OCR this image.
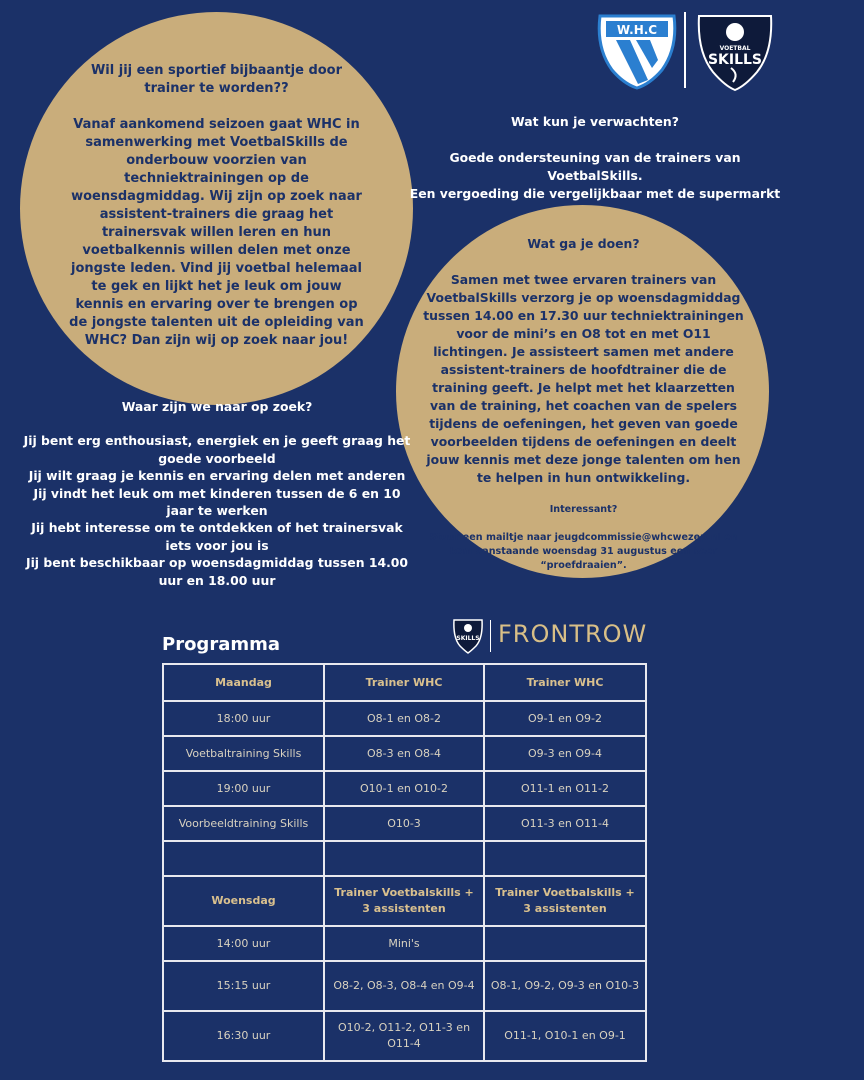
Wil jij een sportief bijbaantje door trainer te worden??

Vanaf aankomend seizoen gaat WHC in samenwerking met VoetbalSkills de onderbouw voorzien van techniektrainingen op de woensdagmiddag. Wij zijn op zoek naar assistent-trainers die graag het trainersvak willen leren en hun voetbalkennis willen delen met onze jongste leden. Vind jij voetbal helemaal te gek en lijkt het je leuk om jouw kennis en ervaring over te brengen op de jongste talenten uit de opleiding van WHC? Dan zijn wij op zoek naar jou!

W.H.C
VOETBAL
SKILLS

Wat kun je verwachten?

Goede ondersteuning van de trainers van VoetbalSkills.

Een vergoeding die vergelijkbaar met de supermarkt

Wat ga je doen?

Samen met twee ervaren trainers van VoetbalSkills verzorg je op woensdagmiddag tussen 14.00 en 17.30 uur techniektrainingen voor de mini’s en O8 tot en met O11 lichtingen. Je assisteert samen met andere assistent-trainers de hoofdtrainer die de training geeft. Je helpt met het klaarzetten van de training, het coachen van de spelers tijdens de oefeningen, het geven van goede voorbeelden tijdens de oefeningen en deelt jouw kennis met deze jonge talenten om hen te helpen in hun ontwikkeling.

Interessant?

Stuur een mailtje naar jeugdcommissie@whcwezep.nl en kom aanstaande woensdag 31 augustus een keer “proefdraaien”.

Waar zijn we naar op zoek?

Jij bent erg enthousiast, energiek en je geeft graag het goede voorbeeld

Jij wilt graag je kennis en ervaring delen met anderen

Jij vindt het leuk om met kinderen tussen de 6 en 10 jaar te werken

Jij hebt interesse om te ontdekken of het trainersvak iets voor jou is

Jij bent beschikbaar op woensdagmiddag tussen 14.00 uur en 18.00 uur

SKILLS FRONTROW
Programma
Maandag	Trainer WHC	Trainer WHC
18:00 uur	O8-1 en O8-2	O9-1 en O9-2
Voetbaltraining Skills	O8-3 en O8-4	O9-3 en O9-4
19:00 uur	O10-1 en O10-2	O11-1 en O11-2
Voorbeeldtraining Skills	O10-3	O11-3 en O11-4

Woensdag	Trainer Voetbalskills + 3 assistenten	Trainer Voetbalskills + 3 assistenten
14:00 uur	Mini's	
15:15 uur	O8-2, O8-3, O8-4 en O9-4	O8-1, O9-2, O9-3 en O10-3
16:30 uur	O10-2, O11-2, O11-3 en O11-4	O11-1, O10-1 en O9-1
